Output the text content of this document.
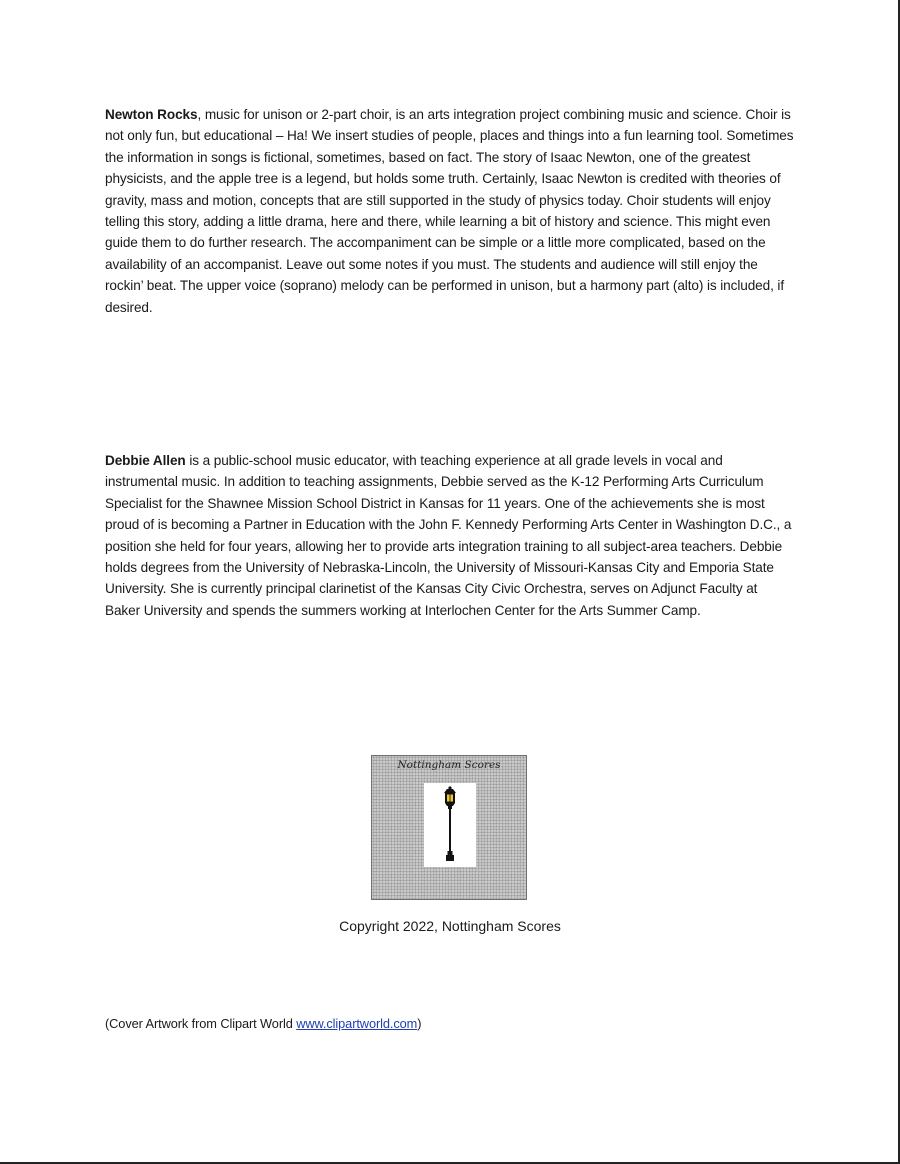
Newton Rocks, music for unison or 2-part choir, is an arts integration project combining music and science. Choir is not only fun, but educational – Ha! We insert studies of people, places and things into a fun learning tool. Sometimes the information in songs is fictional, sometimes, based on fact. The story of Isaac Newton, one of the greatest physicists, and the apple tree is a legend, but holds some truth. Certainly, Isaac Newton is credited with theories of gravity, mass and motion, concepts that are still supported in the study of physics today. Choir students will enjoy telling this story, adding a little drama, here and there, while learning a bit of history and science. This might even guide them to do further research. The accompaniment can be simple or a little more complicated, based on the availability of an accompanist. Leave out some notes if you must. The students and audience will still enjoy the rockin’ beat. The upper voice (soprano) melody can be performed in unison, but a harmony part (alto) is included, if desired.

Debbie Allen is a public-school music educator, with teaching experience at all grade levels in vocal and instrumental music. In addition to teaching assignments, Debbie served as the K-12 Performing Arts Curriculum Specialist for the Shawnee Mission School District in Kansas for 11 years. One of the achievements she is most proud of is becoming a Partner in Education with the John F. Kennedy Performing Arts Center in Washington D.C., a position she held for four years, allowing her to provide arts integration training to all subject-area teachers. Debbie holds degrees from the University of Nebraska-Lincoln, the University of Missouri-Kansas City and Emporia State University. She is currently principal clarinetist of the Kansas City Civic Orchestra, serves on Adjunct Faculty at Baker University and spends the summers working at Interlochen Center for the Arts Summer Camp.

Nottingham Scores
Copyright 2022, Nottingham Scores
(Cover Artwork from Clipart World www.clipartworld.com)
